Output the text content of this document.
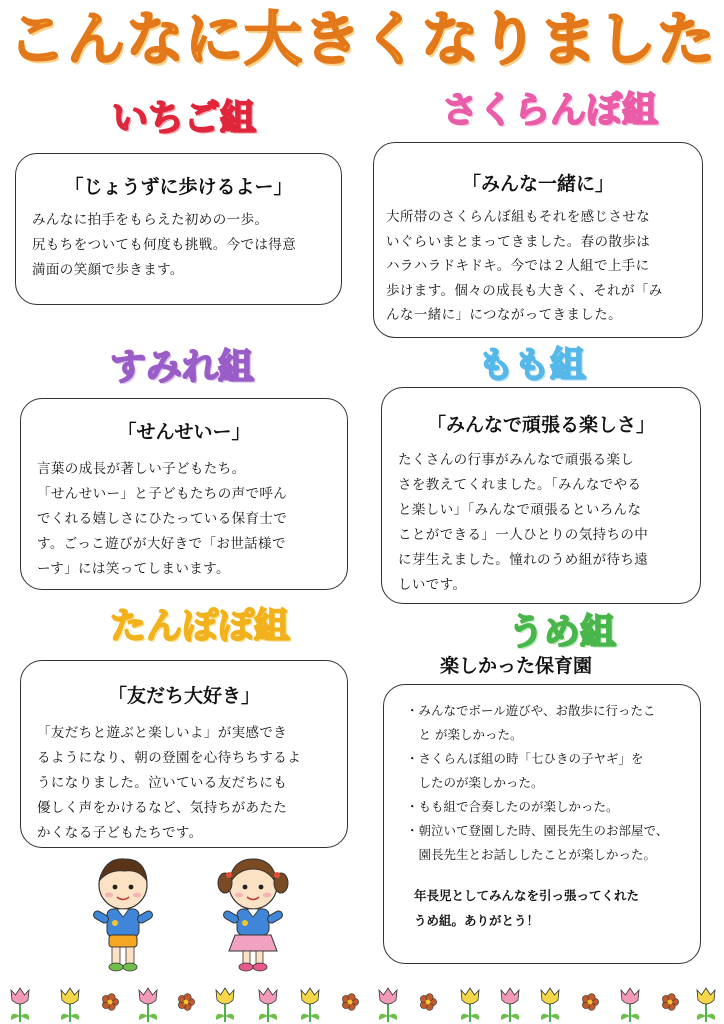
こんなに大きくなりました
いちご組
「じょうずに歩けるよー」
みんなに拍手をもらえた初めの一歩。
尻もちをついても何度も挑戦。今では得意
満面の笑顔で歩きます。
さくらんぼ組
「みんな一緒に」
大所帯のさくらんぼ組もそれを感じさせな
いぐらいまとまってきました。春の散歩は
ハラハラドキドキ。今では２人組で上手に
歩けます。個々の成長も大きく、それが「み
んな一緒に」につながってきました。
すみれ組
「せんせいー」
言葉の成長が著しい子どもたち。
「せんせいー」と子どもたちの声で呼ん
でくれる嬉しさにひたっている保育士で
す。ごっこ遊びが大好きで「お世話様で
ーす」には笑ってしまいます。
もも組
「みんなで頑張る楽しさ」
たくさんの行事がみんなで頑張る楽し
さを教えてくれました。「みんなでやる
と楽しい」「みんなで頑張るといろんな
ことができる」一人ひとりの気持ちの中
に芽生えました。憧れのうめ組が待ち遠
しいです。
たんぽぽ組
「友だち大好き」
「友だちと遊ぶと楽しいよ」が実感でき
るようになり、朝の登園を心待ちちするよ
うになりました。泣いている友だちにも
優しく声をかけるなど、気持ちがあたた
かくなる子どもたちです。
うめ組
楽しかった保育園
・みんなでボール遊びや、お散歩に行ったこ
　と が楽しかった。
・さくらんぼ組の時「七ひきの子ヤギ」を
　したのが楽しかった。
・もも組で合奏したのが楽しかった。
・朝泣いて登園した時、園長先生のお部屋で、
　園長先生とお話ししたことが楽しかった。
年長児としてみんなを引っ張ってくれた
うめ組。ありがとう！
